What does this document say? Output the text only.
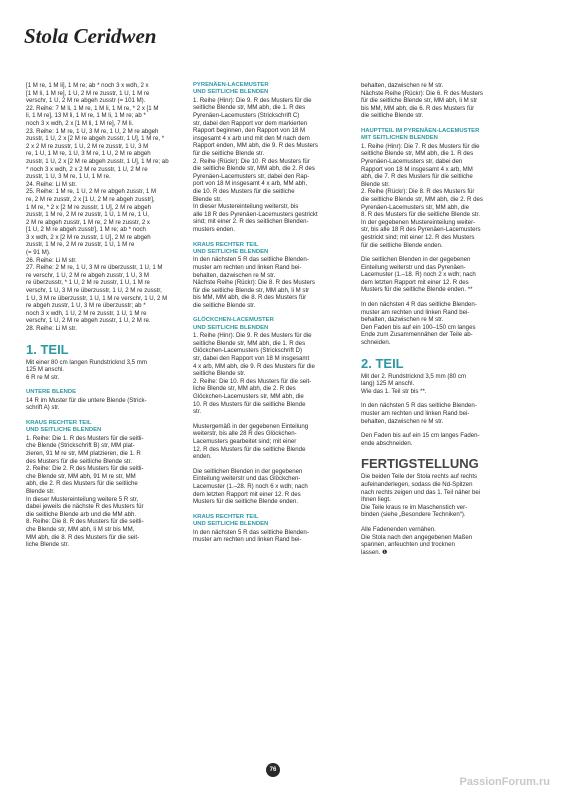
Stola Ceridwen

[1 M re, 1 M li], 1 M re; ab * noch 3 x wdh, 2 x
[1 M li, 1 M re], 1 U, 2 M re zusstr, 1 U, 1 M re
verschr, 1 U, 2 M re abgeh zusstr (= 101 M).

22. Reihe: 7 M li, 1 M re, 1 M li, 1 M re, * 2 x [1 M
li, 1 M re], 13 M li, 1 M re, 1 M li, 1 M re; ab *
noch 3 x wdh, 2 x [1 M li, 1 M re], 7 M li.

23. Reihe: 1 M re, 1 U, 3 M re, 1 U, 2 M re abgeh
zusstr, 1 U, 2 x [2 M re abgeh zusstr, 1 U], 1 M re, *
2 x 2 M re zusstr, 1 U, 2 M re zusstr, 1 U, 3 M
re, 1 U, 1 M re, 1 U, 3 M re, 1 U, 2 M re abgeh
zusstr, 1 U, 2 x [2 M re abgeh zusstr, 1 U], 1 M re; ab
* noch 3 x wdh, 2 x 2 M re zusstr, 1 U, 2 M re
zusstr, 1 U, 3 M re, 1 U, 1 M re.

24. Reihe: Li M str.

25. Reihe: 1 M re, 1 U, 2 M re abgeh zusstr, 1 M
re, 2 M re zusstr, 2 x [1 U, 2 M re abgeh zusstr],
1 M re, * 2 x [2 M re zusstr, 1 U], 2 M re abgeh
zusstr, 1 M re, 2 M re zusstr, 1 U, 1 M re, 1 U,
2 M re abgeh zusstr, 1 M re, 2 M re zusstr, 2 x
[1 U, 2 M re abgeh zusstr], 1 M re; ab * noch
3 x wdh, 2 x [2 M re zusstr, 1 U], 2 M re abgeh
zusstr, 1 M re, 2 M re zusstr, 1 U, 1 M re
(= 91 M).

26. Reihe: Li M str.

27. Reihe: 2 M re, 1 U, 3 M re überzusstr, 1 U, 1 M
re verschr, 1 U, 2 M re abgeh zusstr, 1 U, 3 M
re überzusstr, * 1 U, 2 M re zusstr, 1 U, 1 M re
verschr, 1 U, 3 M re überzusstr, 1 U, 2 M re zusstr,
1 U, 3 M re überzusstr, 1 U, 1 M re verschr, 1 U, 2 M
re abgeh zusstr, 1 U, 3 M re überzusstr; ab *
noch 3 x wdh, 1 U, 2 M re zusstr, 1 U, 1 M re
verschr, 1 U, 2 M re abgeh zusstr, 1 U, 2 M re.

28. Reihe: Li M str.

1. TEIL

Mit einer 80 cm langen Rundstricknd 3,5 mm
125 M anschl.
6 R re M str.

UNTERE BLENDE

14 R im Muster für die untere Blende (Strick-
schrift A) str.

KRAUS RECHTER TEIL
UND SEITLICHE BLENDEN

1. Reihe: Die 1. R des Musters für die seitli-
che Blende (Strickschrift B) str, MM plat-
zieren, 91 M re str, MM platzieren, die 1. R
des Musters für die seitliche Blende str.

2. Reihe: Die 2. R des Musters für die seitli-
che Blende str, MM abh, 91 M re str, MM
abh, die 2. R des Musters für die seitliche
Blende str.

In dieser Mustereinteilung weitere 5 R str,
dabei jeweils die nächste R des Musters für
die seitliche Blende arb und die MM abh.

8. Reihe: Die 8. R des Musters für die seitli-
che Blende str, MM abh, li M str bis MM,
MM abh, die 8. R des Musters für die seit-
liche Blende str.

PYRENÄEN-LACEMUSTER
UND SEITLICHE BLENDEN

1. Reihe (Hinr): Die 9. R des Musters für die
seitliche Blende str, MM abh, die 1. R des
Pyrenäen-Lacemusters (Strickschrift C)
str, dabei den Rapport vor dem markierten
Rapport beginnen, den Rapport von 18 M
insgesamt 4 x arb und mit den M nach dem
Rapport enden, MM abh, die 9. R des Musters
für die seitliche Blende str.

2. Reihe (Rückr): Die 10. R des Musters für
die seitliche Blende str, MM abh, die 2. R des
Pyrenäen-Lacemusters str, dabei den Rap-
port von 18 M insgesamt 4 x arb, MM abh,
die 10. R des Musters für die seitliche
Blende str.

In dieser Mustereinteilung weiterstr, bis
alle 18 R des Pyrenäen-Lacemusters gestrickt
sind; mit einer 2. R des seitlichen Blenden-
musters enden.

KRAUS RECHTER TEIL
UND SEITLICHE BLENDEN

In den nächsten 5 R das seitliche Blenden-
muster am rechten und linken Rand bei-
behalten, dazwischen re M str.

Nächste Reihe (Rückr): Die 8. R des Musters
für die seitliche Blende str, MM abh, li M str
bis MM, MM abh, die 8. R des Musters für
die seitliche Blende str.

GLÖCKCHEN-LACEMUSTER
UND SEITLICHE BLENDEN

1. Reihe (Hinr): Die 9. R des Musters für die
seitliche Blende str, MM abh, die 1. R des
Glöckchen-Lacemusters (Strickschrift D)
str, dabei den Rapport von 18 M insgesamt
4 x arb, MM abh, die 9. R des Musters für die
seitliche Blende str.

2. Reihe: Die 10. R des Musters für die seit-
liche Blende str, MM abh, die 2. R des
Glöckchen-Lacemusters str, MM abh, die
10. R des Musters für die seitliche Blende
str.

Mustergemäß in der gegebenen Einteilung
weiterstr, bis alle 28 R des Glöckchen-
Lacemusters gearbeitet sind; mit einer
12. R des Musters für die seitliche Blende
enden.

Die seitlichen Blenden in der gegebenen
Einteilung weiterstr und das Glöckchen-
Lacemuster (1.–28. R) noch 6 x wdh; nach
dem letzten Rapport mit einer 12. R des
Musters für die seitliche Blende enden.

KRAUS RECHTER TEIL
UND SEITLICHE BLENDEN

In den nächsten 5 R das seitliche Blenden-
muster am rechten und linken Rand bei-

behalten, dazwischen re M str.

Nächste Reihe (Rückr): Die 6. R des Musters
für die seitliche Blende str, MM abh, li M str
bis MM, MM abh, die 6. R des Musters für
die seitliche Blende str.

HAUPTTEIL IM PYRENÄEN-LACEMUSTER
MIT SEITLICHEN BLENDEN

1. Reihe (Hinr): Die 7. R des Musters für die
seitliche Blende str, MM abh, die 1. R des
Pyrenäen-Lacemusters str, dabei den
Rapport von 18 M insgesamt 4 x arb, MM
abh, die 7. R des Musters für die seitliche
Blende str.

2. Reihe (Rückr): Die 8. R des Musters für
die seitliche Blende str, MM abh, die 2. R des
Pyrenäen-Lacemusters str, MM abh, die
8. R des Musters für die seitliche Blende str.

In der gegebenen Mustereinteilung weiter-
str, bis alle 18 R des Pyrenäen-Lacemusters
gestrickt sind; mit einer 12. R des Musters
für die seitliche Blende enden.

Die seitlichen Blenden in der gegebenen
Einteilung weiterstr und das Pyrenäen-
Lacemuster (1.–18. R) noch 2 x wdh; nach
dem letzten Rapport mit einer 12. R des
Musters für die seitliche Blende enden. **

In den nächsten 4 R das seitliche Blenden-
muster am rechten und linken Rand bei-
behalten, dazwischen re M str.
Den Faden bis auf ein 100–150 cm langes
Ende zum Zusammennähen der Teile ab-
schneiden.

2. TEIL

Mit der 2. Rundstricknd 3,5 mm (80 cm
lang) 125 M anschl.
Wie das 1. Teil str bis **.

In den nächsten 5 R das seitliche Blenden-
muster am rechten und linken Rand bei-
behalten, dazwischen re M str.

Den Faden bis auf ein 15 cm langes Faden-
ende abschneiden.

FERTIGSTELLUNG

Die beiden Teile der Stola rechts auf rechts
aufeinanderlegen, sodass die Nd-Spitzen
nach rechts zeigen und das 1. Teil näher bei
Ihnen liegt.
Die Teile kraus re im Maschenstich ver-
binden (siehe „Besondere Techniken“).

Alle Fadenenden vernähen.
Die Stola nach den angegebenen Maßen
spannen, anfeuchten und trocknen
lassen. ❶

76
PassionForum.ru
